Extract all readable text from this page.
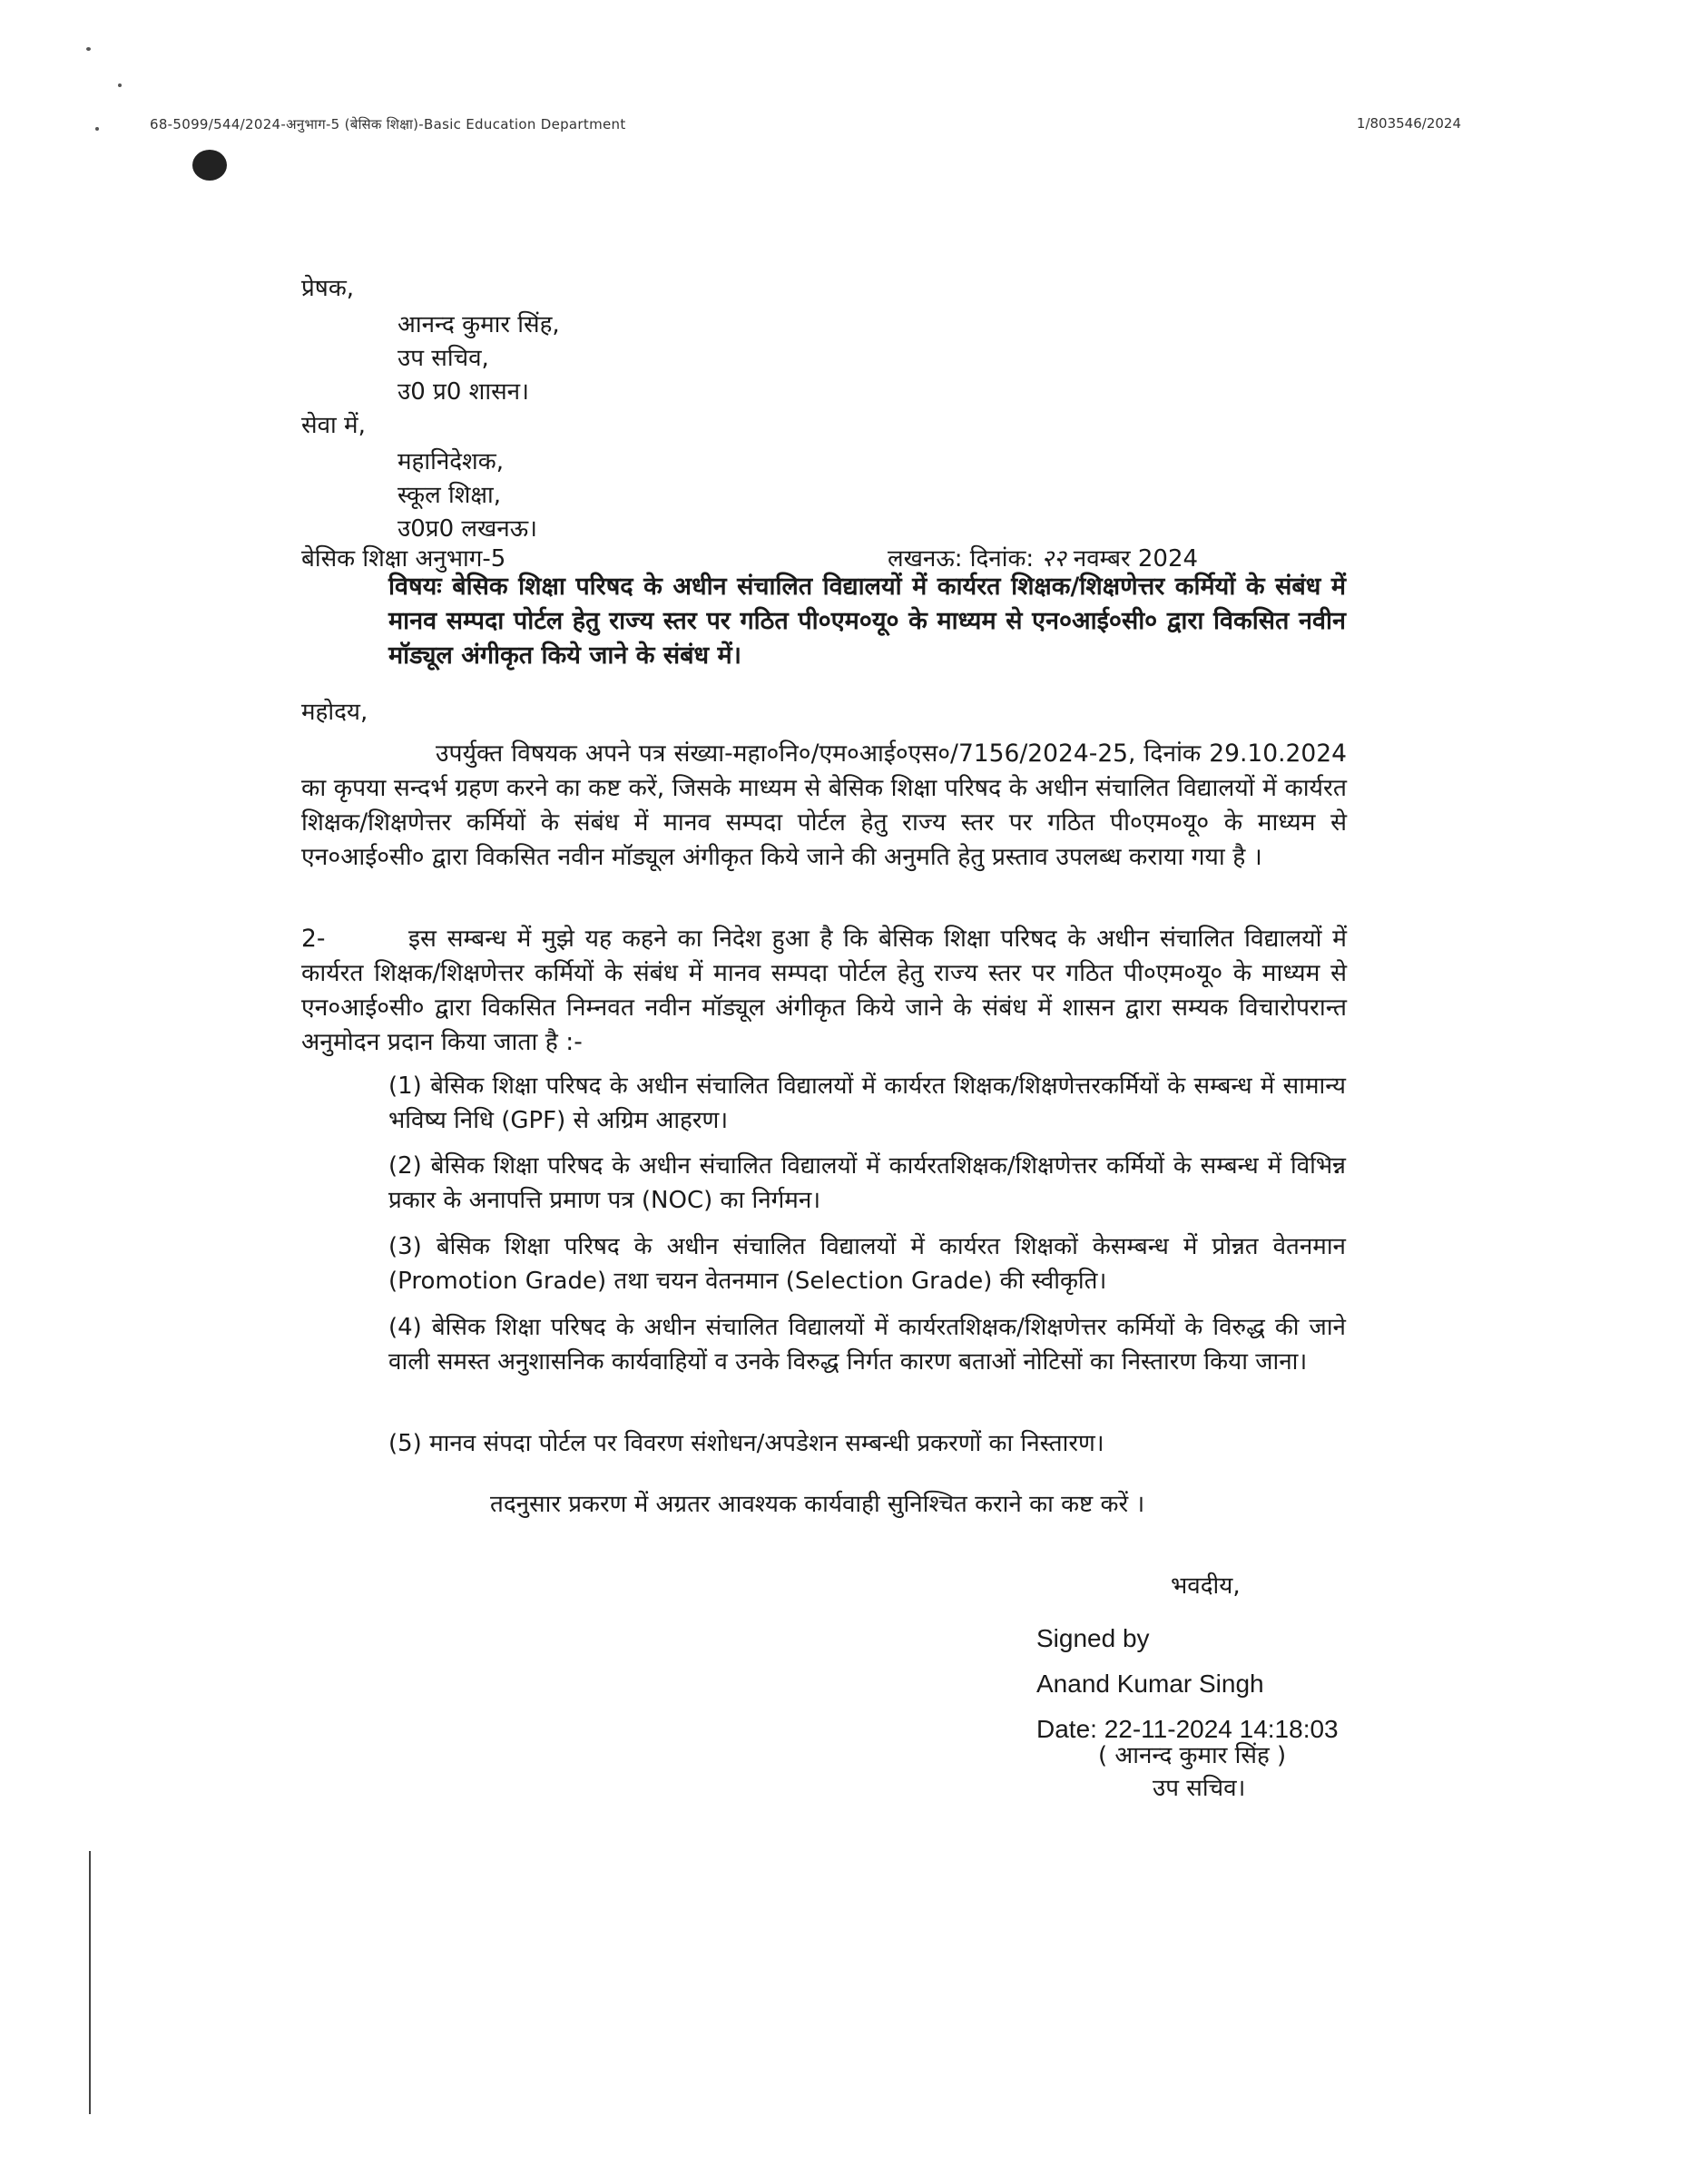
68-5099/544/2024-अनुभाग-5 (बेसिक शिक्षा)-Basic Education Department	1/803546/2024
प्रेषक,
आनन्द कुमार सिंह,
उप सचिव,
उ0 प्र0 शासन।
सेवा में,
महानिदेशक,
स्कूल शिक्षा,
उ0प्र0 लखनऊ।
बेसिक शिक्षा अनुभाग-5	लखनऊ: दिनांक: २२ नवम्बर 2024
विषयः बेसिक शिक्षा परिषद के अधीन संचालित विद्यालयों में कार्यरत शिक्षक/शिक्षणेत्तर कर्मियों के संबंध में मानव सम्पदा पोर्टल हेतु राज्य स्तर पर गठित पी०एम०यू० के माध्यम से एन०आई०सी० द्वारा विकसित नवीन मॉड्यूल अंगीकृत किये जाने के संबंध में।
महोदय,
उपर्युक्त विषयक अपने पत्र संख्या-महा०नि०/एम०आई०एस०/7156/2024-25, दिनांक 29.10.2024 का कृपया सन्दर्भ ग्रहण करने का कष्ट करें, जिसके माध्यम से बेसिक शिक्षा परिषद के अधीन संचालित विद्यालयों में कार्यरत शिक्षक/शिक्षणेत्तर कर्मियों के संबंध में मानव सम्पदा पोर्टल हेतु राज्य स्तर पर गठित पी०एम०यू० के माध्यम से एन०आई०सी० द्वारा विकसित नवीन मॉड्यूल अंगीकृत किये जाने की अनुमति हेतु प्रस्ताव उपलब्ध कराया गया है ।
2-	इस सम्बन्ध में मुझे यह कहने का निदेश हुआ है कि बेसिक शिक्षा परिषद के अधीन संचालित विद्यालयों में कार्यरत शिक्षक/शिक्षणेत्तर कर्मियों के संबंध में मानव सम्पदा पोर्टल हेतु राज्य स्तर पर गठित पी०एम०यू० के माध्यम से एन०आई०सी० द्वारा विकसित निम्नवत नवीन मॉड्यूल अंगीकृत किये जाने के संबंध में शासन द्वारा सम्यक विचारोपरान्त अनुमोदन प्रदान किया जाता है :-
(1) बेसिक शिक्षा परिषद के अधीन संचालित विद्यालयों में कार्यरत शिक्षक/शिक्षणेत्तरकर्मियों के सम्बन्ध में सामान्य भविष्य निधि (GPF) से अग्रिम आहरण।
(2) बेसिक शिक्षा परिषद के अधीन संचालित विद्यालयों में कार्यरतशिक्षक/शिक्षणेत्तर कर्मियों के सम्बन्ध में विभिन्न प्रकार के अनापत्ति प्रमाण पत्र (NOC) का निर्गमन।
(3) बेसिक शिक्षा परिषद के अधीन संचालित विद्यालयों में कार्यरत शिक्षकों केसम्बन्ध में प्रोन्नत वेतनमान (Promotion Grade) तथा चयन वेतनमान (Selection Grade) की स्वीकृति।
(4) बेसिक शिक्षा परिषद के अधीन संचालित विद्यालयों में कार्यरतशिक्षक/शिक्षणेत्तर कर्मियों के विरुद्ध की जाने वाली समस्त अनुशासनिक कार्यवाहियों व उनके विरुद्ध निर्गत कारण बताओं नोटिसों का निस्तारण किया जाना।
(5) मानव संपदा पोर्टल पर विवरण संशोधन/अपडेशन सम्बन्धी प्रकरणों का निस्तारण।
तदनुसार प्रकरण में अग्रतर आवश्यक कार्यवाही सुनिश्चित कराने का कष्ट करें ।
भवदीय,
Signed by
Anand Kumar Singh
Date: 22-11-2024 14:18:03
( आनन्द कुमार सिंह )
उप सचिव।
